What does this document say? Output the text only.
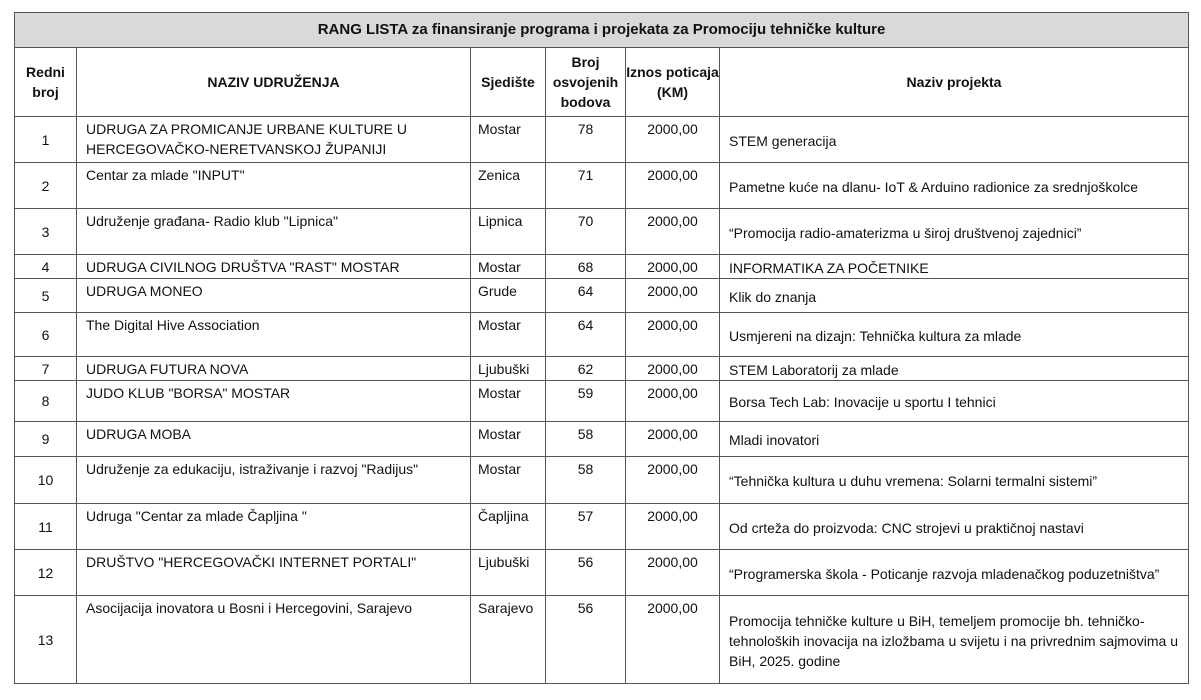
RANG LISTA za finansiranje programa i projekata za Promociju tehničke kulture					
Redni broj	NAZIV UDRUŽENJA	Sjedište	Broj osvojenih bodova	Iznos poticaja (KM)	Naziv projekta
1	UDRUGA ZA PROMICANJE URBANE KULTURE U HERCEGOVAČKO-NERETVANSKOJ ŽUPANIJI	Mostar	78	2000,00	STEM generacija
2	Centar za mlade "INPUT"	Zenica	71	2000,00	Pametne kuće na dlanu- IoT & Arduino radionice za srednjoškolce
3	Udruženje građana- Radio klub "Lipnica"	Lipnica	70	2000,00	“Promocija radio-amaterizma u široj društvenoj zajednici”
4	UDRUGA CIVILNOG DRUŠTVA "RAST" MOSTAR	Mostar	68	2000,00	INFORMATIKA ZA POČETNIKE
5	UDRUGA MONEO	Grude	64	2000,00	Klik do znanja
6	The Digital Hive Association	Mostar	64	2000,00	Usmjereni na dizajn: Tehnička kultura za mlade
7	UDRUGA FUTURA NOVA	Ljubuški	62	2000,00	STEM Laboratorij za mlade
8	JUDO KLUB "BORSA" MOSTAR	Mostar	59	2000,00	Borsa Tech Lab: Inovacije u sportu I tehnici
9	UDRUGA MOBA	Mostar	58	2000,00	Mladi inovatori
10	Udruženje za edukaciju, istraživanje i razvoj "Radijus"	Mostar	58	2000,00	“Tehnička kultura u duhu vremena: Solarni termalni sistemi”
11	Udruga "Centar za mlade Čapljina "	Čapljina	57	2000,00	Od crteža do proizvoda: CNC strojevi u praktičnoj nastavi
12	DRUŠTVO "HERCEGOVAČKI INTERNET PORTALI"	Ljubuški	56	2000,00	“Programerska škola - Poticanje razvoja mladenačkog poduzetništva”
13	Asocijacija inovatora u Bosni i Hercegovini, Sarajevo	Sarajevo	56	2000,00	Promocija tehničke kulture u BiH, temeljem promocije bh. tehničko-tehnoloških inovacija na izložbama u svijetu i na privrednim sajmovima u BiH, 2025. godine
